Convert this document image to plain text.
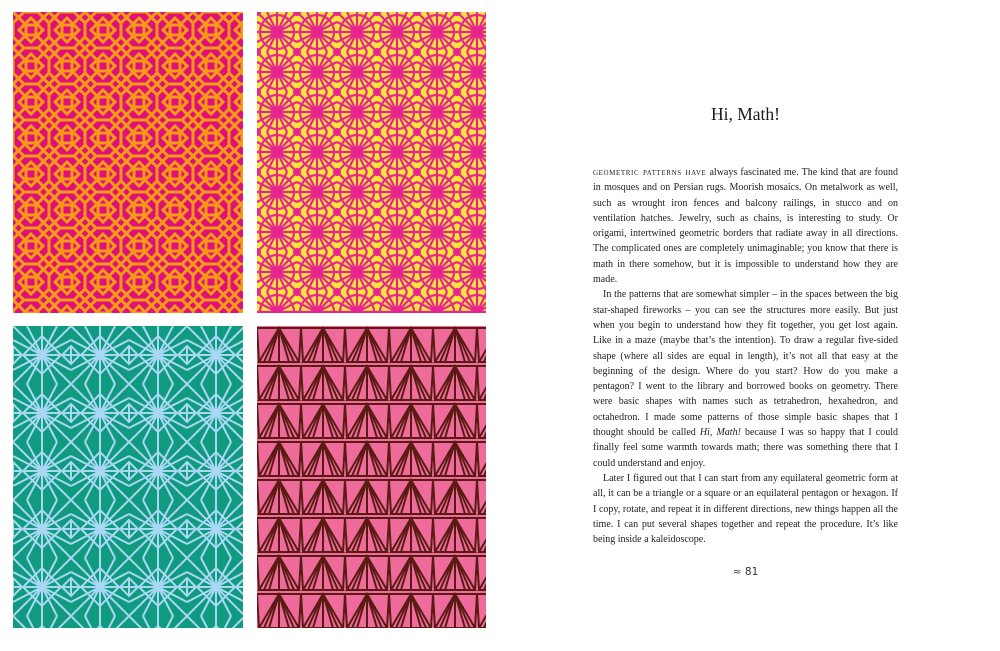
Hi, Math!

geometric patterns have always fascinated me. The kind that are found in mosques and on Persian rugs. Moorish mosaics. On metalwork as well, such as wrought iron fences and balcony railings, in stucco and on ventilation hatches. Jewelry, such as chains, is interesting to study. Or origami, intertwined geometric borders that radiate away in all directions. The complicated ones are completely unimaginable; you know that there is math in there somehow, but it is impossible to understand how they are made.

In the patterns that are somewhat simpler – in the spaces between the big star-shaped fireworks – you can see the structures more easily. But just when you begin to understand how they fit together, you get lost again. Like in a maze (maybe that’s the intention). To draw a regular five-sided shape (where all sides are equal in length), it’s not all that easy at the beginning of the design. Where do you start? How do you make a pentagon? I went to the library and borrowed books on geometry. There were basic shapes with names such as tetrahedron, hexahedron, and octahedron. I made some patterns of those simple basic shapes that I thought should be called Hi, Math! because I was so happy that I could finally feel some warmth towards math; there was something there that I could understand and enjoy.

Later I figured out that I can start from any equilateral geometric form at all, it can be a triangle or a square or an equilateral pentagon or hexagon. If I copy, rotate, and repeat it in different directions, new things happen all the time. I can put several shapes together and repeat the procedure. It’s like being inside a kaleidoscope.

≈ 81
